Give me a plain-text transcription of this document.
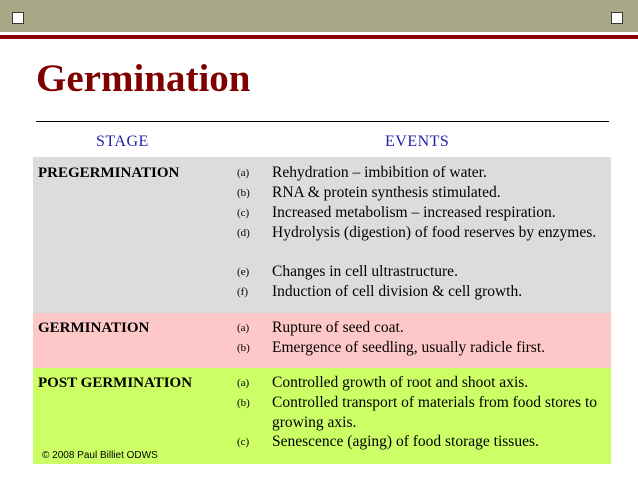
Germination
STAGE	EVENTS
PREGERMINATION	(a) Rehydration – imbibition of water.
(b) RNA & protein synthesis stimulated.
(c) Increased metabolism – increased respiration.
(d) Hydrolysis (digestion) of food reserves by enzymes.
(e) Changes in cell ultrastructure.
(f) Induction of cell division & cell growth.
GERMINATION	(a) Rupture of seed coat.
(b) Emergence of seedling, usually radicle first.
POST GERMINATION	(a) Controlled growth of root and shoot axis.
(b) Controlled transport of materials from food stores to growing axis.
(c) Senescence (aging) of food storage tissues.
© 2008 Paul Billiet ODWS
